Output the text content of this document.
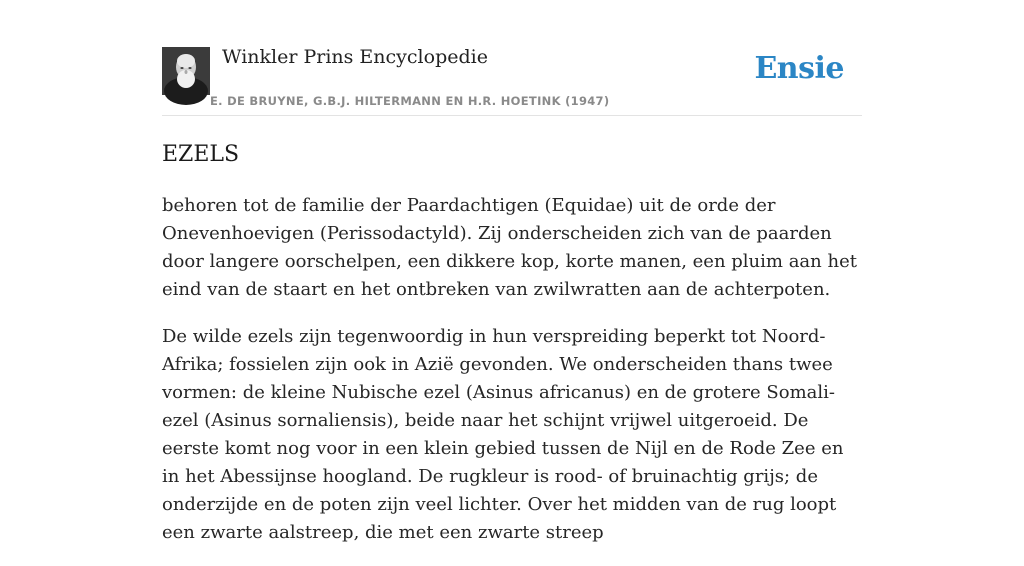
Winkler Prins Encyclopedie
E. DE BRUYNE, G.B.J. HILTERMANN EN H.R. HOETINK (1947)
Ensie
EZELS

behoren tot de familie der Paardachtigen (Equidae) uit de orde der Onevenhoevigen (Perissodactyld). Zij onderscheiden zich van de paarden door langere oorschelpen, een dikkere kop, korte manen, een pluim aan het eind van de staart en het ontbreken van zwilwratten aan de achterpoten.

De wilde ezels zijn tegenwoordig in hun verspreiding beperkt tot Noord-Afrika; fossielen zijn ook in Azië gevonden. We onderscheiden thans twee vormen: de kleine Nubische ezel (Asinus africanus) en de grotere Somali-ezel (Asinus sornaliensis), beide naar het schijnt vrijwel uitgeroeid. De eerste komt nog voor in een klein gebied tussen de Nijl en de Rode Zee en in het Abessijnse hoogland. De rugkleur is rood- of bruinachtig grijs; de onderzijde en de poten zijn veel lichter. Over het midden van de rug loopt een zwarte aalstreep, die met een zwarte streep
